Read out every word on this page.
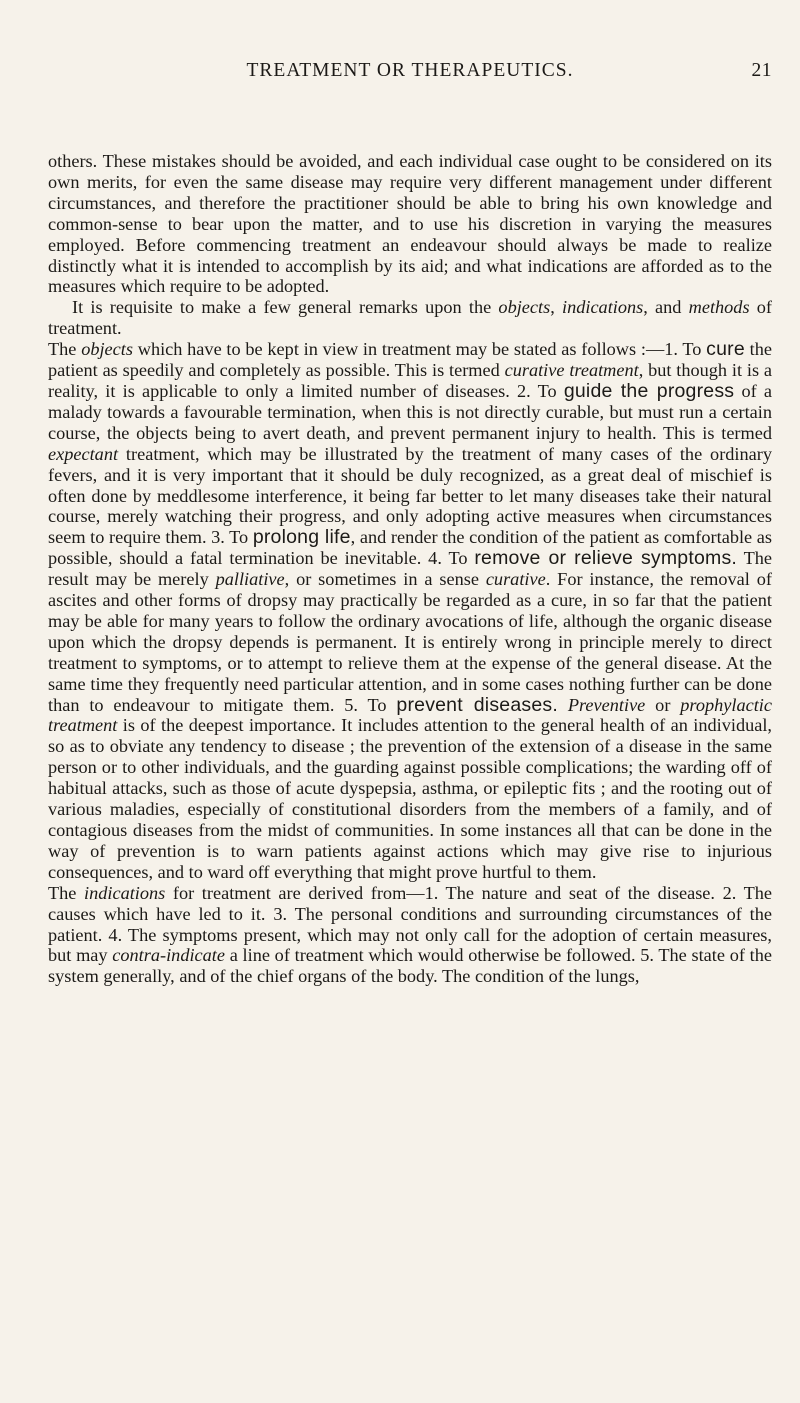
TREATMENT OR THERAPEUTICS.	21

others. These mistakes should be avoided, and each individual case ought to be considered on its own merits, for even the same disease may require very different management under different circumstances, and therefore the practitioner should be able to bring his own knowledge and common-sense to bear upon the matter, and to use his discretion in varying the measures employed. Before commencing treatment an endeavour should always be made to realize distinctly what it is intended to accomplish by its aid; and what indications are afforded as to the measures which require to be adopted.

It is requisite to make a few general remarks upon the objects, indications, and methods of treatment.

The objects which have to be kept in view in treatment may be stated as follows :—1. To cure the patient as speedily and completely as possible. This is termed curative treatment, but though it is a reality, it is applicable to only a limited number of diseases. 2. To guide the progress of a malady towards a favourable termination, when this is not directly curable, but must run a certain course, the objects being to avert death, and prevent permanent injury to health. This is termed expectant treatment, which may be illustrated by the treatment of many cases of the ordinary fevers, and it is very important that it should be duly recognized, as a great deal of mischief is often done by meddlesome interference, it being far better to let many diseases take their natural course, merely watching their progress, and only adopting active measures when circumstances seem to require them. 3. To prolong life, and render the condition of the patient as comfortable as possible, should a fatal termination be inevitable. 4. To remove or relieve symptoms. The result may be merely palliative, or sometimes in a sense curative. For instance, the removal of ascites and other forms of dropsy may practically be regarded as a cure, in so far that the patient may be able for many years to follow the ordinary avocations of life, although the organic disease upon which the dropsy depends is permanent. It is entirely wrong in principle merely to direct treatment to symptoms, or to attempt to relieve them at the expense of the general disease. At the same time they frequently need particular attention, and in some cases nothing further can be done than to endeavour to mitigate them. 5. To prevent diseases. Preventive or prophylactic treatment is of the deepest importance. It includes attention to the general health of an individual, so as to obviate any tendency to disease ; the prevention of the extension of a disease in the same person or to other individuals, and the guarding against possible complications; the warding off of habitual attacks, such as those of acute dyspepsia, asthma, or epileptic fits ; and the rooting out of various maladies, especially of constitutional disorders from the members of a family, and of contagious diseases from the midst of communities. In some instances all that can be done in the way of prevention is to warn patients against actions which may give rise to injurious consequences, and to ward off everything that might prove hurtful to them.

The indications for treatment are derived from—1. The nature and seat of the disease. 2. The causes which have led to it. 3. The personal conditions and surrounding circumstances of the patient. 4. The symptoms present, which may not only call for the adoption of certain measures, but may contra-indicate a line of treatment which would otherwise be followed. 5. The state of the system generally, and of the chief organs of the body. The condition of the lungs,
